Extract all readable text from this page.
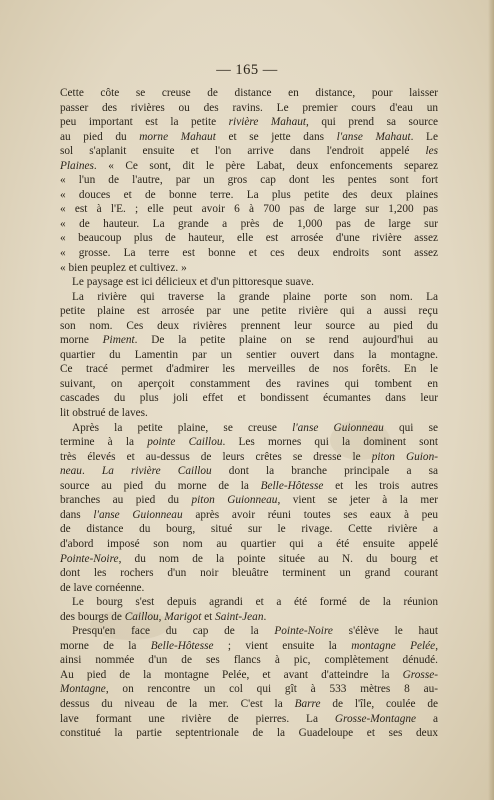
— 165 —

Cette côte se creuse de distance en distance, pour laisser

passer des rivières ou des ravins. Le premier cours d'eau un

peu important est la petite rivière Mahaut, qui prend sa source

au pied du morne Mahaut et se jette dans l'anse Mahaut. Le

sol s'aplanit ensuite et l'on arrive dans l'endroit appelé les

Plaines. « Ce sont, dit le père Labat, deux enfoncements separez

« l'un de l'autre, par un gros cap dont les pentes sont fort

« douces et de bonne terre. La plus petite des deux plaines

« est à l'E. ; elle peut avoir 6 à 700 pas de large sur 1,200 pas

« de hauteur. La grande a près de 1,000 pas de large sur

« beaucoup plus de hauteur, elle est arrosée d'une rivière assez

« grosse. La terre est bonne et ces deux endroits sont assez

« bien peuplez et cultivez. »

Le paysage est ici délicieux et d'un pittoresque suave.

La rivière qui traverse la grande plaine porte son nom. La

petite plaine est arrosée par une petite rivière qui a aussi reçu

son nom. Ces deux rivières prennent leur source au pied du

morne Piment. De la petite plaine on se rend aujourd'hui au

quartier du Lamentin par un sentier ouvert dans la montagne.

Ce tracé permet d'admirer les merveilles de nos forêts. En le

suivant, on aperçoit constamment des ravines qui tombent en

cascades du plus joli effet et bondissent écumantes dans leur

lit obstrué de laves.

Après la petite plaine, se creuse l'anse Guionneau qui se

termine à la pointe Caillou. Les mornes qui la dominent sont

très élevés et au-dessus de leurs crêtes se dresse le piton Guion-

neau. La rivière Caillou dont la branche principale a sa

source au pied du morne de la Belle-Hôtesse et les trois autres

branches au pied du piton Guionneau, vient se jeter à la mer

dans l'anse Guionneau après avoir réuni toutes ses eaux à peu

de distance du bourg, situé sur le rivage. Cette rivière a

d'abord imposé son nom au quartier qui a été ensuite appelé

Pointe-Noire, du nom de la pointe située au N. du bourg et

dont les rochers d'un noir bleuâtre terminent un grand courant

de lave cornéenne.

Le bourg s'est depuis agrandi et a été formé de la réunion

des bourgs de Caillou, Marigot et Saint-Jean.

Presqu'en face du cap de la Pointe-Noire s'élève le haut

morne de la Belle-Hôtesse ; vient ensuite la montagne Pelée,

ainsi nommée d'un de ses flancs à pic, complètement dénudé.

Au pied de la montagne Pelée, et avant d'atteindre la Grosse-

Montagne, on rencontre un col qui gît à 533 mètres 8 au-

dessus du niveau de la mer. C'est la Barre de l'île, coulée de

lave formant une rivière de pierres. La Grosse-Montagne a

constitué la partie septentrionale de la Guadeloupe et ses deux
